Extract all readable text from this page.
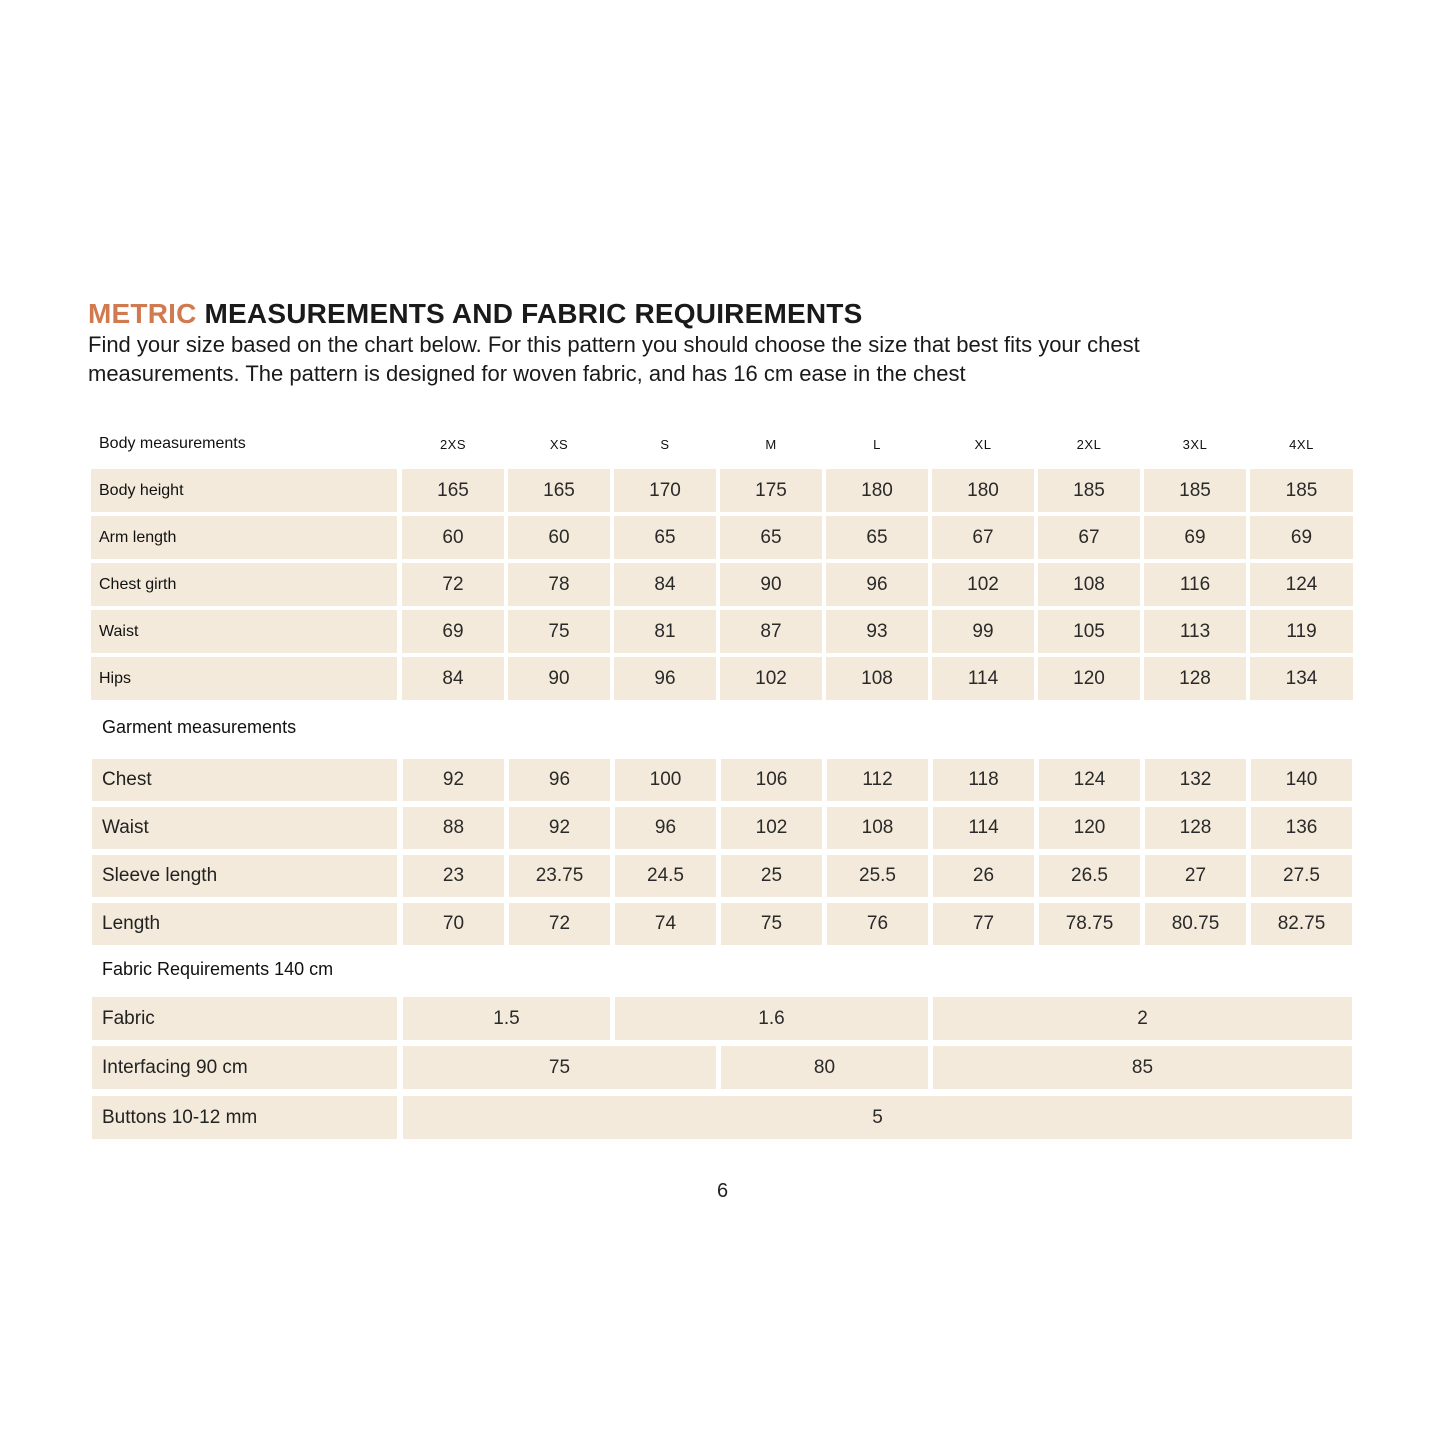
METRIC MEASUREMENTS AND FABRIC REQUIREMENTS

Find your size based on the chart below. For this pattern you should choose the size that best fits your chest measurements. The pattern is designed for woven fabric, and has 16 cm ease in the chest

Body measurements	2XS	XS	S	M	L	XL	2XL	3XL	4XL
Body height	165	165	170	175	180	180	185	185	185
Arm length	60	60	65	65	65	67	67	69	69
Chest girth	72	78	84	90	96	102	108	116	124
Waist	69	75	81	87	93	99	105	113	119
Hips	84	90	96	102	108	114	120	128	134
Garment measurements
Chest	92	96	100	106	112	118	124	132	140
Waist	88	92	96	102	108	114	120	128	136
Sleeve length	23	23.75	24.5	25	25.5	26	26.5	27	27.5
Length	70	72	74	75	76	77	78.75	80.75	82.75
Fabric Requirements 140 cm
Fabric	1.5	1.6	2
Interfacing 90 cm	75	80	85
Buttons 10-12 mm	5
6
